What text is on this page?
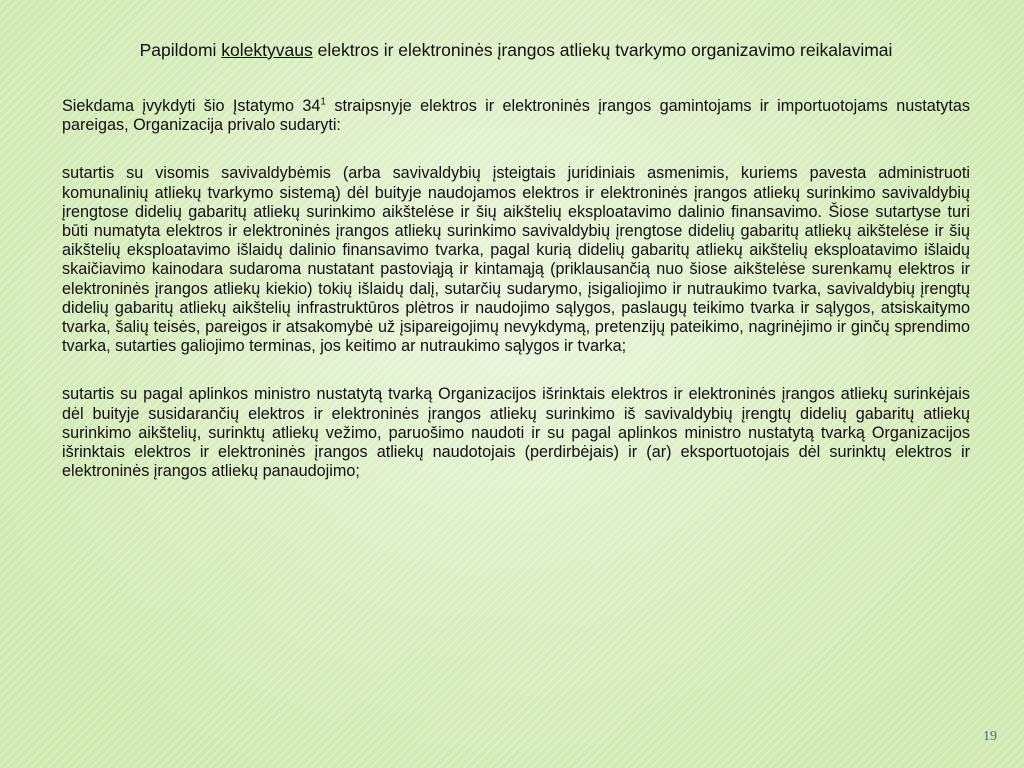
Papildomi kolektyvaus elektros ir elektroninės įrangos atliekų tvarkymo organizavimo reikalavimai

Siekdama įvykdyti šio Įstatymo $34^1$ straipsnyje elektros ir elektroninės įrangos gamintojams ir importuotojams nustatytas pareigas, Organizacija privalo sudaryti:

sutartis su visomis savivaldybėmis (arba savivaldybių įsteigtais juridiniais asmenimis, kuriems pavesta administruoti komunalinių atliekų tvarkymo sistemą) dėl buityje naudojamos elektros ir elektroninės įrangos atliekų surinkimo savivaldybių įrengtose didelių gabaritų atliekų surinkimo aikštelėse ir šių aikštelių eksploatavimo dalinio finansavimo. Šiose sutartyse turi būti numatyta elektros ir elektroninės įrangos atliekų surinkimo savivaldybių įrengtose didelių gabaritų atliekų aikštelėse ir šių aikštelių eksploatavimo išlaidų dalinio finansavimo tvarka, pagal kurią didelių gabaritų atliekų aikštelių eksploatavimo išlaidų skaičiavimo kainodara sudaroma nustatant pastoviąją ir kintamąją (priklausančią nuo šiose aikštelėse surenkamų elektros ir elektroninės įrangos atliekų kiekio) tokių išlaidų dalį, sutarčių sudarymo, įsigaliojimo ir nutraukimo tvarka, savivaldybių įrengtų didelių gabaritų atliekų aikštelių infrastruktūros plėtros ir naudojimo sąlygos, paslaugų teikimo tvarka ir sąlygos, atsiskaitymo tvarka, šalių teisės, pareigos ir atsakomybė už įsipareigojimų nevykdymą, pretenzijų pateikimo, nagrinėjimo ir ginčų sprendimo tvarka, sutarties galiojimo terminas, jos keitimo ar nutraukimo sąlygos ir tvarka;

sutartis su pagal aplinkos ministro nustatytą tvarką Organizacijos išrinktais elektros ir elektroninės įrangos atliekų surinkėjais dėl buityje susidarančių elektros ir elektroninės įrangos atliekų surinkimo iš savivaldybių įrengtų didelių gabaritų atliekų surinkimo aikštelių, surinktų atliekų vežimo, paruošimo naudoti ir su pagal aplinkos ministro nustatytą tvarką Organizacijos išrinktais elektros ir elektroninės įrangos atliekų naudotojais (perdirbėjais) ir (ar) eksportuotojais dėl surinktų elektros ir elektroninės įrangos atliekų panaudojimo;

19
